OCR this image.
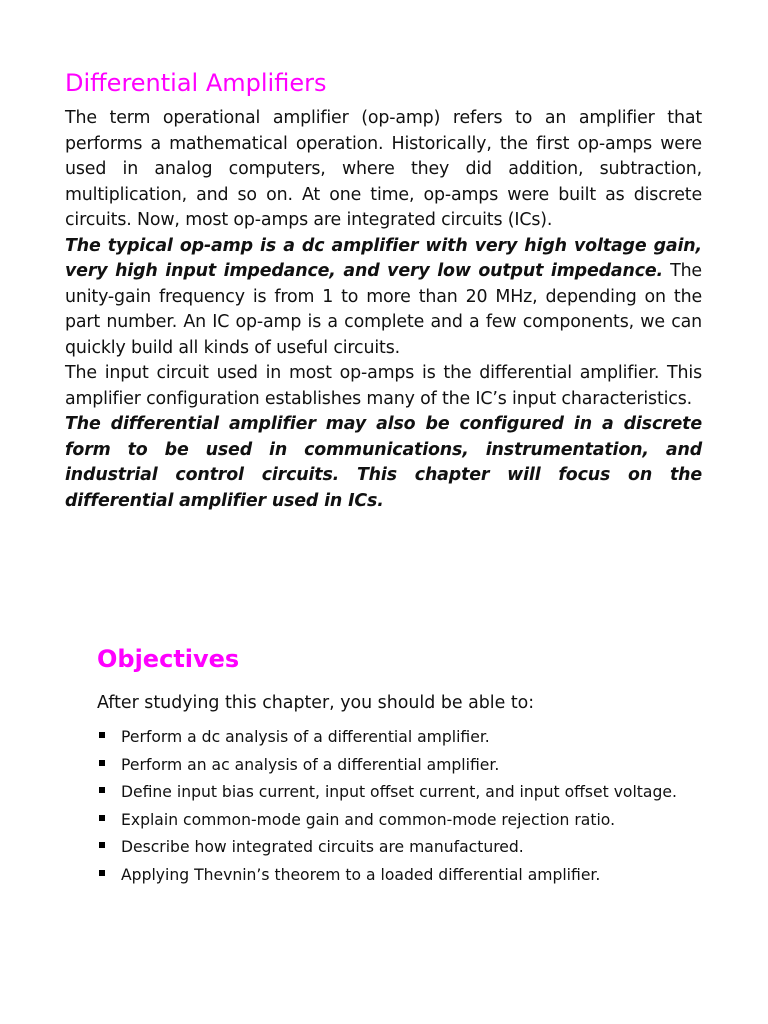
Differential Amplifiers

The term operational amplifier (op-amp) refers to an amplifier that performs a mathematical operation. Historically, the first op-amps were used in analog computers, where they did addition, subtraction, multiplication, and so on. At one time, op-amps were built as discrete circuits. Now, most op-amps are integrated circuits (ICs).

The typical op-amp is a dc amplifier with very high voltage gain, very high input impedance, and very low output impedance. The unity-gain frequency is from 1 to more than 20 MHz, depending on the part number. An IC op-amp is a complete and a few components, we can quickly build all kinds of useful circuits.

The input circuit used in most op-amps is the differential amplifier. This amplifier configuration establishes many of the IC’s input characteristics.

The differential amplifier may also be configured in a discrete form to be used in communications, instrumentation, and industrial control circuits. This chapter will focus on the differential amplifier used in ICs.

Objectives

After studying this chapter, you should be able to:

Perform a dc analysis of a differential amplifier.
Perform an ac analysis of a differential amplifier.
Define input bias current, input offset current, and input offset voltage.
Explain common-mode gain and common-mode rejection ratio.
Describe how integrated circuits are manufactured.
Applying Thevnin’s theorem to a loaded differential amplifier.
